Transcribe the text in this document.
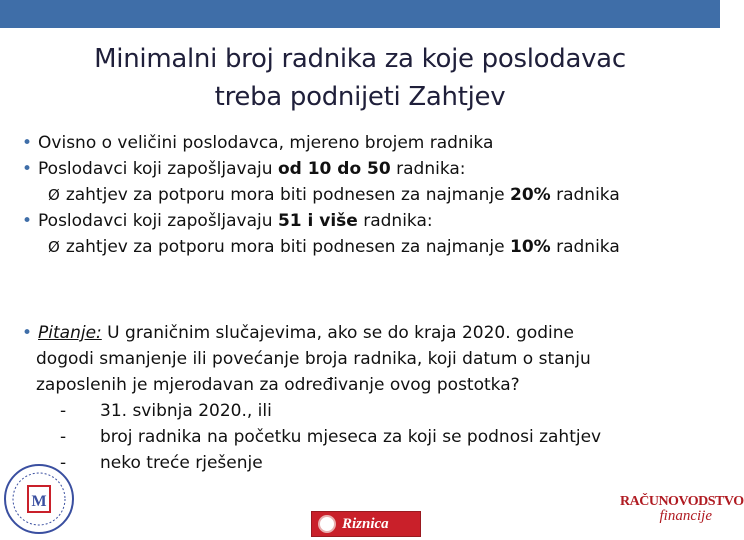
Minimalni broj radnika za koje poslodavac
treba podnijeti Zahtjev
• Ovisno o veličini poslodavca, mjereno brojem radnika
• Poslodavci koji zapošljavaju od 10 do 50 radnika:
Ø zahtjev za potporu mora biti podnesen za najmanje 20% radnika
• Poslodavci koji zapošljavaju 51 i više radnika:
Ø zahtjev za potporu mora biti podnesen za najmanje 10% radnika
• Pitanje: U graničnim slučajevima, ako se do kraja 2020. godine
dogodi smanjenje ili povećanje broja radnika, koji datum o stanju
zaposlenih je mjerodavan za određivanje ovog postotka?
- 31. svibnja 2020., ili
- broj radnika na početku mjeseca za koji se podnosi zahtjev
- neko treće rješenje
M
Riznica
RAČUNOVODSTVO
financije
